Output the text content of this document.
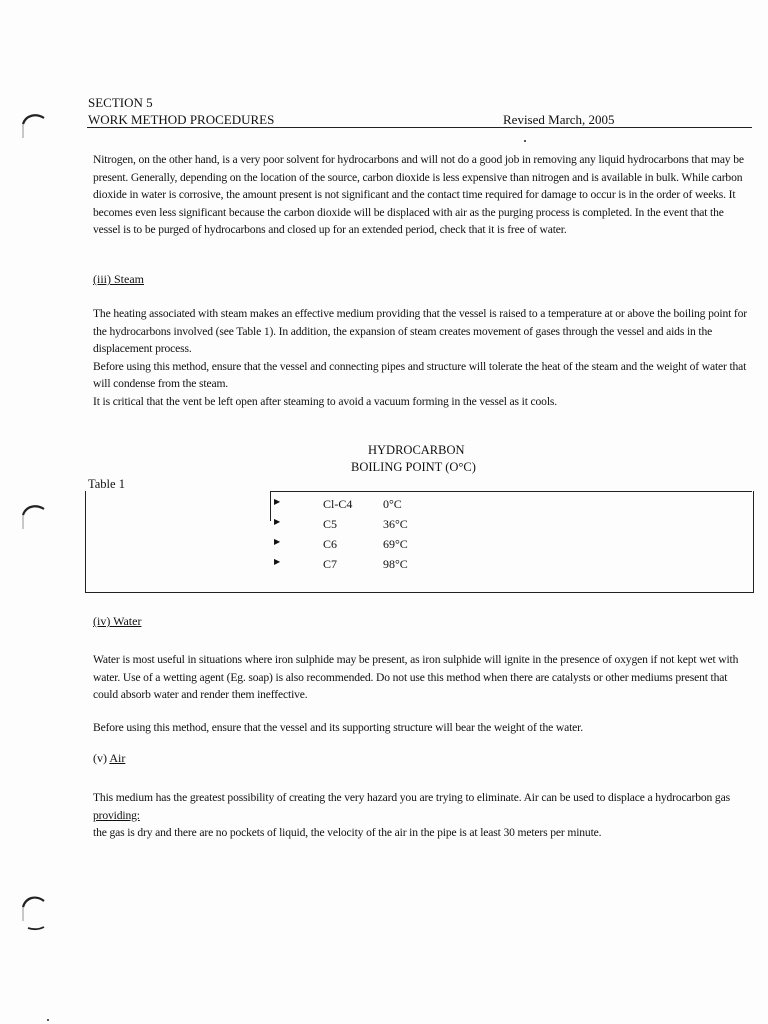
SECTION 5
WORK METHOD PROCEDURES	Revised March, 2005

Nitrogen, on the other hand, is a very poor solvent for hydrocarbons and will not do a good job in removing any liquid hydrocarbons that may be present. Generally, depending on the location of the source, carbon dioxide is less expensive than nitrogen and is available in bulk. While carbon dioxide in water is corrosive, the amount present is not significant and the contact time required for damage to occur is in the order of weeks. It becomes even less significant because the carbon dioxide will be displaced with air as the purging process is completed. In the event that the vessel is to be purged of hydrocarbons and closed up for an extended period, check that it is free of water.

(iii) Steam

The heating associated with steam makes an effective medium providing that the vessel is raised to a temperature at or above the boiling point for the hydrocarbons involved (see Table 1). In addition, the expansion of steam creates movement of gases through the vessel and aids in the displacement process.

Before using this method, ensure that the vessel and connecting pipes and structure will tolerate the heat of the steam and the weight of water that will condense from the steam.

It is critical that the vent be left open after steaming to avoid a vacuum forming in the vessel as it cools.

HYDROCARBON
BOILING POINT (O°C)
Table 1
▶	Cl-C4	0°C
▶	C5	36°C
▶	C6	69°C
▶	C7	98°C
(iv) Water

Water is most useful in situations where iron sulphide may be present, as iron sulphide will ignite in the presence of oxygen if not kept wet with water. Use of a wetting agent (Eg. soap) is also recommended. Do not use this method when there are catalysts or other mediums present that could absorb water and render them ineffective.

Before using this method, ensure that the vessel and its supporting structure will bear the weight of the water.

(v) Air

This medium has the greatest possibility of creating the very hazard you are trying to eliminate. Air can be used to displace a hydrocarbon gas providing:

the gas is dry and there are no pockets of liquid, the velocity of the air in the pipe is at least 30 meters per minute.
